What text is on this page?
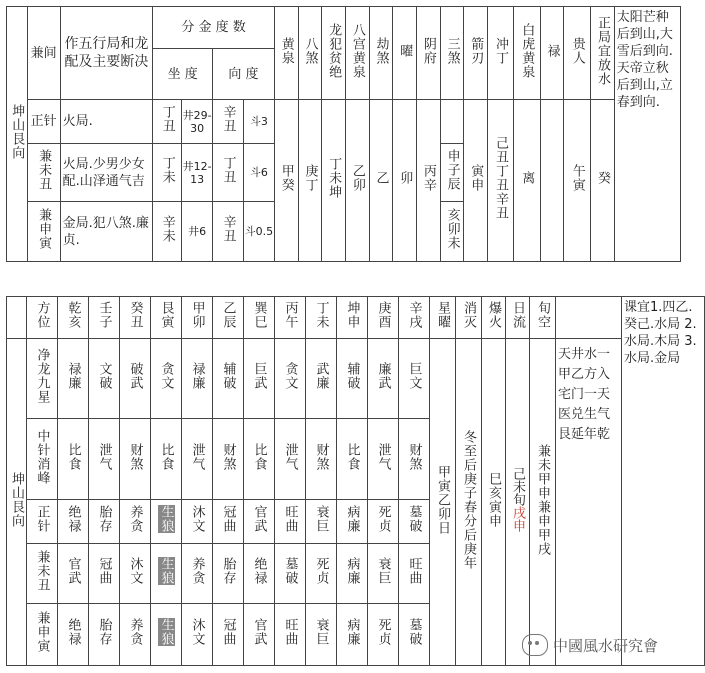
坤山艮向	兼间	作五行局和龙配及主要断决	分 金 度 数				黄泉	八煞	龙犯贫绝	八宫黄泉	劫煞	曜	阴府	三煞	箭刃	冲丁	白虎黄泉	禄	贵人	正局宜放水	太阳芒种后到山,大雪后到向.天帝立秋后到山,立春到向.
			坐 度		向 度																
	正针	火局.	丁丑	井29-30	辛丑	斗3	甲癸	庚丁	丁未坤	乙卯	乙	卯	丙辛		寅申	己丑丁丑辛丑	离		午寅	癸	
	兼未丑	火局.少男少女配.山泽通气吉	丁未	井12-13	丁丑	斗6								申子辰							
	兼申寅	金局.犯八煞.廉贞.	辛未	井6	辛丑	斗0.5								亥卯未							
	方位	乾亥	壬子	癸丑	艮寅	甲卯	乙辰	巽巳	丙午	丁未	坤申	庚酉	辛戌	星曜	消灭	爆火	日流	旬空		课宜1.四乙.癸己.水局 2.水局.木局 3.水局.金局
坤山艮向	净龙九星	禄廉	文破	破武	贪文	禄廉	辅破	巨武	贪文	武廉	辅破	廉武	巨文	甲寅乙卯日	冬至后庚子春分后庚年	巳亥寅申	己未旬戌申	兼未甲申兼申甲戌	天井水一甲乙方入宅门一天医兑生气艮延年乾	
	中针消峰	比食	泄气	财煞	比食	泄气	财煞	比食	泄气	财煞	比食	泄气	财煞							
	正针	绝禄	胎存	养贪	生狼	沐文	冠曲	官武	旺曲	衰巨	病廉	死贞	墓破							
	兼未丑	官武	冠曲	沐文	生狼	养贪	胎存	绝禄	墓破	死贞	病廉	衰巨	旺曲							
	兼申寅	绝禄	胎存	养贪	生狼	沐文	冠曲	官武	旺曲	衰巨	病廉	死贞	墓破								中國風水研究會
